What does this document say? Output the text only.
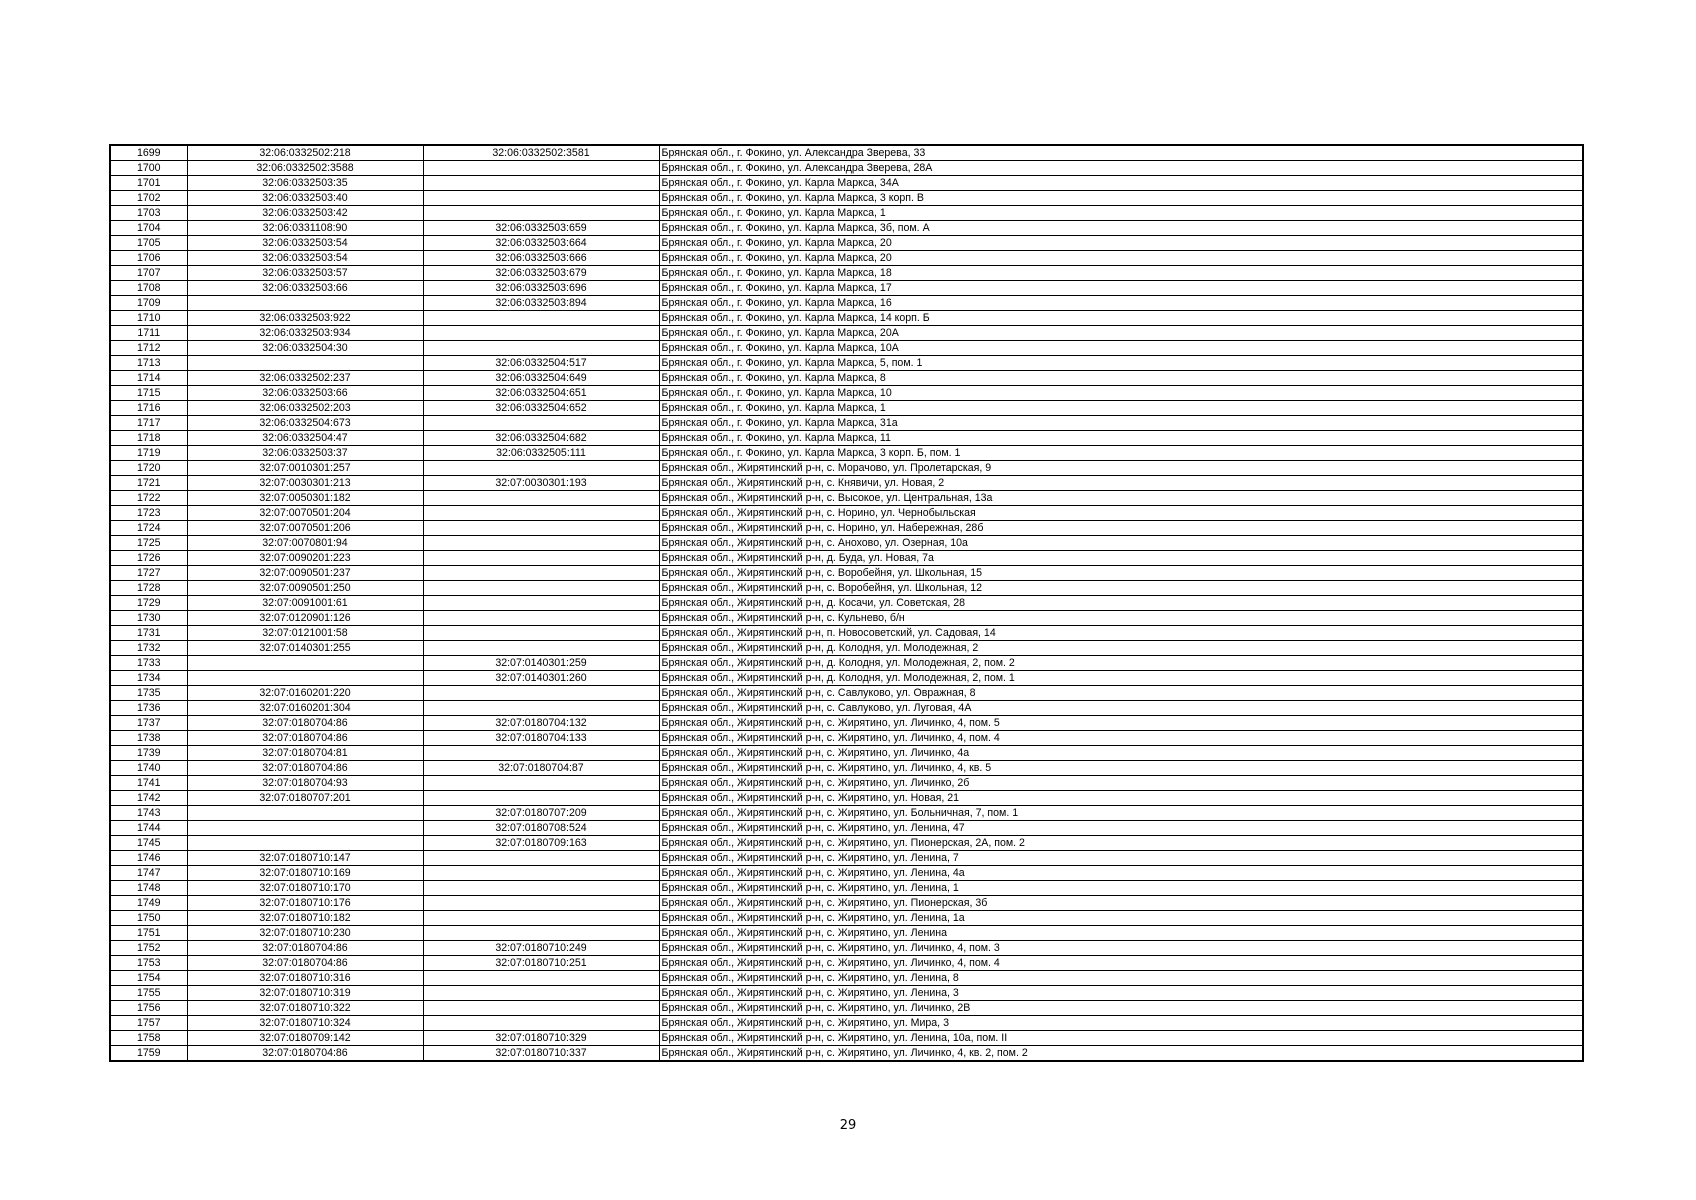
1699	32:06:0332502:218	32:06:0332502:3581	Брянская обл., г. Фокино, ул. Александра Зверева, 33
1700	32:06:0332502:3588		Брянская обл., г. Фокино, ул. Александра Зверева, 28А
1701	32:06:0332503:35		Брянская обл., г. Фокино, ул. Карла Маркса, 34А
1702	32:06:0332503:40		Брянская обл., г. Фокино, ул. Карла Маркса, 3 корп. В
1703	32:06:0332503:42		Брянская обл., г. Фокино, ул. Карла Маркса, 1
1704	32:06:0331108:90	32:06:0332503:659	Брянская обл., г. Фокино, ул. Карла Маркса, 3б, пом. А
1705	32:06:0332503:54	32:06:0332503:664	Брянская обл., г. Фокино, ул. Карла Маркса, 20
1706	32:06:0332503:54	32:06:0332503:666	Брянская обл., г. Фокино, ул. Карла Маркса, 20
1707	32:06:0332503:57	32:06:0332503:679	Брянская обл., г. Фокино, ул. Карла Маркса, 18
1708	32:06:0332503:66	32:06:0332503:696	Брянская обл., г. Фокино, ул. Карла Маркса, 17
1709		32:06:0332503:894	Брянская обл., г. Фокино, ул. Карла Маркса, 16
1710	32:06:0332503:922		Брянская обл., г. Фокино, ул. Карла Маркса, 14 корп. Б
1711	32:06:0332503:934		Брянская обл., г. Фокино, ул. Карла Маркса, 20А
1712	32:06:0332504:30		Брянская обл., г. Фокино, ул. Карла Маркса, 10А
1713		32:06:0332504:517	Брянская обл., г. Фокино, ул. Карла Маркса, 5, пом. 1
1714	32:06:0332502:237	32:06:0332504:649	Брянская обл., г. Фокино, ул. Карла Маркса, 8
1715	32:06:0332503:66	32:06:0332504:651	Брянская обл., г. Фокино, ул. Карла Маркса, 10
1716	32:06:0332502:203	32:06:0332504:652	Брянская обл., г. Фокино, ул. Карла Маркса, 1
1717	32:06:0332504:673		Брянская обл., г. Фокино, ул. Карла Маркса, 31а
1718	32:06:0332504:47	32:06:0332504:682	Брянская обл., г. Фокино, ул. Карла Маркса, 11
1719	32:06:0332503:37	32:06:0332505:111	Брянская обл., г. Фокино, ул. Карла Маркса, 3 корп. Б, пом. 1
1720	32:07:0010301:257		Брянская обл., Жирятинский р-н, с. Морачово, ул. Пролетарская, 9
1721	32:07:0030301:213	32:07:0030301:193	Брянская обл., Жирятинский р-н, с. Княвичи, ул. Новая, 2
1722	32:07:0050301:182		Брянская обл., Жирятинский р-н, с. Высокое, ул. Центральная, 13а
1723	32:07:0070501:204		Брянская обл., Жирятинский р-н, с. Норино, ул. Чернобыльская
1724	32:07:0070501:206		Брянская обл., Жирятинский р-н, с. Норино, ул. Набережная, 28б
1725	32:07:0070801:94		Брянская обл., Жирятинский р-н, с. Анохово, ул. Озерная, 10а
1726	32:07:0090201:223		Брянская обл., Жирятинский р-н, д. Буда, ул. Новая, 7а
1727	32:07:0090501:237		Брянская обл., Жирятинский р-н, с. Воробейня, ул. Школьная, 15
1728	32:07:0090501:250		Брянская обл., Жирятинский р-н, с. Воробейня, ул. Школьная, 12
1729	32:07:0091001:61		Брянская обл., Жирятинский р-н, д. Косачи, ул. Советская, 28
1730	32:07:0120901:126		Брянская обл., Жирятинский р-н, с. Кульнево, б/н
1731	32:07:0121001:58		Брянская обл., Жирятинский р-н, п. Новосоветский, ул. Садовая, 14
1732	32:07:0140301:255		Брянская обл., Жирятинский р-н, д. Колодня, ул. Молодежная, 2
1733		32:07:0140301:259	Брянская обл., Жирятинский р-н, д. Колодня, ул. Молодежная, 2, пом. 2
1734		32:07:0140301:260	Брянская обл., Жирятинский р-н, д. Колодня, ул. Молодежная, 2, пом. 1
1735	32:07:0160201:220		Брянская обл., Жирятинский р-н, с. Савлуково, ул. Овражная, 8
1736	32:07:0160201:304		Брянская обл., Жирятинский р-н, с. Савлуково, ул. Луговая, 4А
1737	32:07:0180704:86	32:07:0180704:132	Брянская обл., Жирятинский р-н, с. Жирятино, ул. Личинко, 4, пом. 5
1738	32:07:0180704:86	32:07:0180704:133	Брянская обл., Жирятинский р-н, с. Жирятино, ул. Личинко, 4, пом. 4
1739	32:07:0180704:81		Брянская обл., Жирятинский р-н, с. Жирятино, ул. Личинко, 4а
1740	32:07:0180704:86	32:07:0180704:87	Брянская обл., Жирятинский р-н, с. Жирятино, ул. Личинко, 4, кв. 5
1741	32:07:0180704:93		Брянская обл., Жирятинский р-н, с. Жирятино, ул. Личинко, 2б
1742	32:07:0180707:201		Брянская обл., Жирятинский р-н, с. Жирятино, ул. Новая, 21
1743		32:07:0180707:209	Брянская обл., Жирятинский р-н, с. Жирятино, ул. Больничная, 7, пом. 1
1744		32:07:0180708:524	Брянская обл., Жирятинский р-н, с. Жирятино, ул. Ленина, 47
1745		32:07:0180709:163	Брянская обл., Жирятинский р-н, с. Жирятино, ул. Пионерская, 2А, пом. 2
1746	32:07:0180710:147		Брянская обл., Жирятинский р-н, с. Жирятино, ул. Ленина, 7
1747	32:07:0180710:169		Брянская обл., Жирятинский р-н, с. Жирятино, ул. Ленина, 4а
1748	32:07:0180710:170		Брянская обл., Жирятинский р-н, с. Жирятино, ул. Ленина, 1
1749	32:07:0180710:176		Брянская обл., Жирятинский р-н, с. Жирятино, ул. Пионерская, 3б
1750	32:07:0180710:182		Брянская обл., Жирятинский р-н, с. Жирятино, ул. Ленина, 1а
1751	32:07:0180710:230		Брянская обл., Жирятинский р-н, с. Жирятино, ул. Ленина
1752	32:07:0180704:86	32:07:0180710:249	Брянская обл., Жирятинский р-н, с. Жирятино, ул. Личинко, 4, пом. 3
1753	32:07:0180704:86	32:07:0180710:251	Брянская обл., Жирятинский р-н, с. Жирятино, ул. Личинко, 4, пом. 4
1754	32:07:0180710:316		Брянская обл., Жирятинский р-н, с. Жирятино, ул. Ленина, 8
1755	32:07:0180710:319		Брянская обл., Жирятинский р-н, с. Жирятино, ул. Ленина, 3
1756	32:07:0180710:322		Брянская обл., Жирятинский р-н, с. Жирятино, ул. Личинко, 2В
1757	32:07:0180710:324		Брянская обл., Жирятинский р-н, с. Жирятино, ул. Мира, 3
1758	32:07:0180709:142	32:07:0180710:329	Брянская обл., Жирятинский р-н, с. Жирятино, ул. Ленина, 10а, пом. II
1759	32:07:0180704:86	32:07:0180710:337	Брянская обл., Жирятинский р-н, с. Жирятино, ул. Личинко, 4, кв. 2, пом. 2
29
